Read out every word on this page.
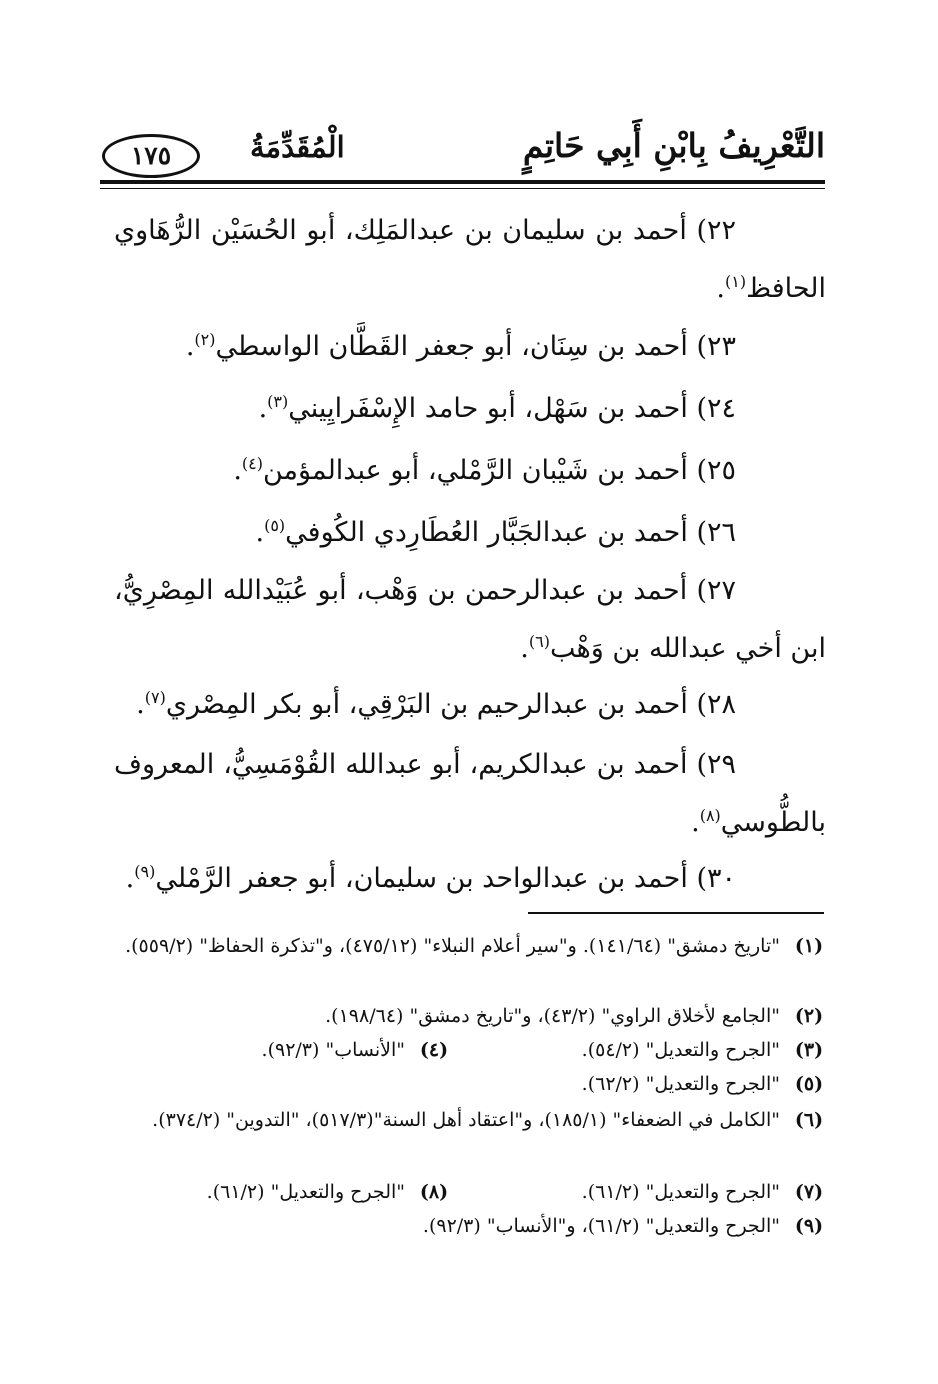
التَّعْرِيفُ بِابْنِ أَبِي حَاتِمٍ
الْمُقَدِّمَةُ
١٧٥
٢٢) أحمد بن سليمان بن عبدالمَلِك، أبو الحُسَيْن الرُّهَاوي الحافظ$^{(١)}$.
٢٣) أحمد بن سِنَان، أبو جعفر القَطَّان الواسطي$^{(٢)}$.
٢٤) أحمد بن سَهْل، أبو حامد الإِسْفَرايِيني$^{(٣)}$.
٢٥) أحمد بن شَيْبان الرَّمْلي، أبو عبدالمؤمن$^{(٤)}$.
٢٦) أحمد بن عبدالجَبَّار العُطَارِدي الكُوفي$^{(٥)}$.
٢٧) أحمد بن عبدالرحمن بن وَهْب، أبو عُبَيْدالله المِصْرِيُّ، ابن أخي عبدالله بن وَهْب$^{(٦)}$.
٢٨) أحمد بن عبدالرحيم بن البَرْقِي، أبو بكر المِصْري$^{(٧)}$.
٢٩) أحمد بن عبدالكريم، أبو عبدالله القُوْمَسِيُّ، المعروف بالطُّوسي$^{(٨)}$.
٣٠) أحمد بن عبدالواحد بن سليمان، أبو جعفر الرَّمْلي$^{(٩)}$.
(١)
"تاريخ دمشق" (١٤١/٦٤). و"سير أعلام النبلاء" (٤٧٥/١٢)، و"تذكرة الحفاظ" (٥٥٩/٢).
(٢)
"الجامع لأخلاق الراوي" (٤٣/٢)، و"تاريخ دمشق" (١٩٨/٦٤).
(٣)
"الجرح والتعديل" (٥٤/٢).
(٤)"الأنساب" (٩٢/٣).
(٥)
"الجرح والتعديل" (٦٢/٢).
(٦)
"الكامل في الضعفاء" (١٨٥/١)، و"اعتقاد أهل السنة"(٥١٧/٣)، "التدوين" (٣٧٤/٢).
(٧)
"الجرح والتعديل" (٦١/٢).
(٨)"الجرح والتعديل" (٦١/٢).
(٩)
"الجرح والتعديل" (٦١/٢)، و"الأنساب" (٩٢/٣).
